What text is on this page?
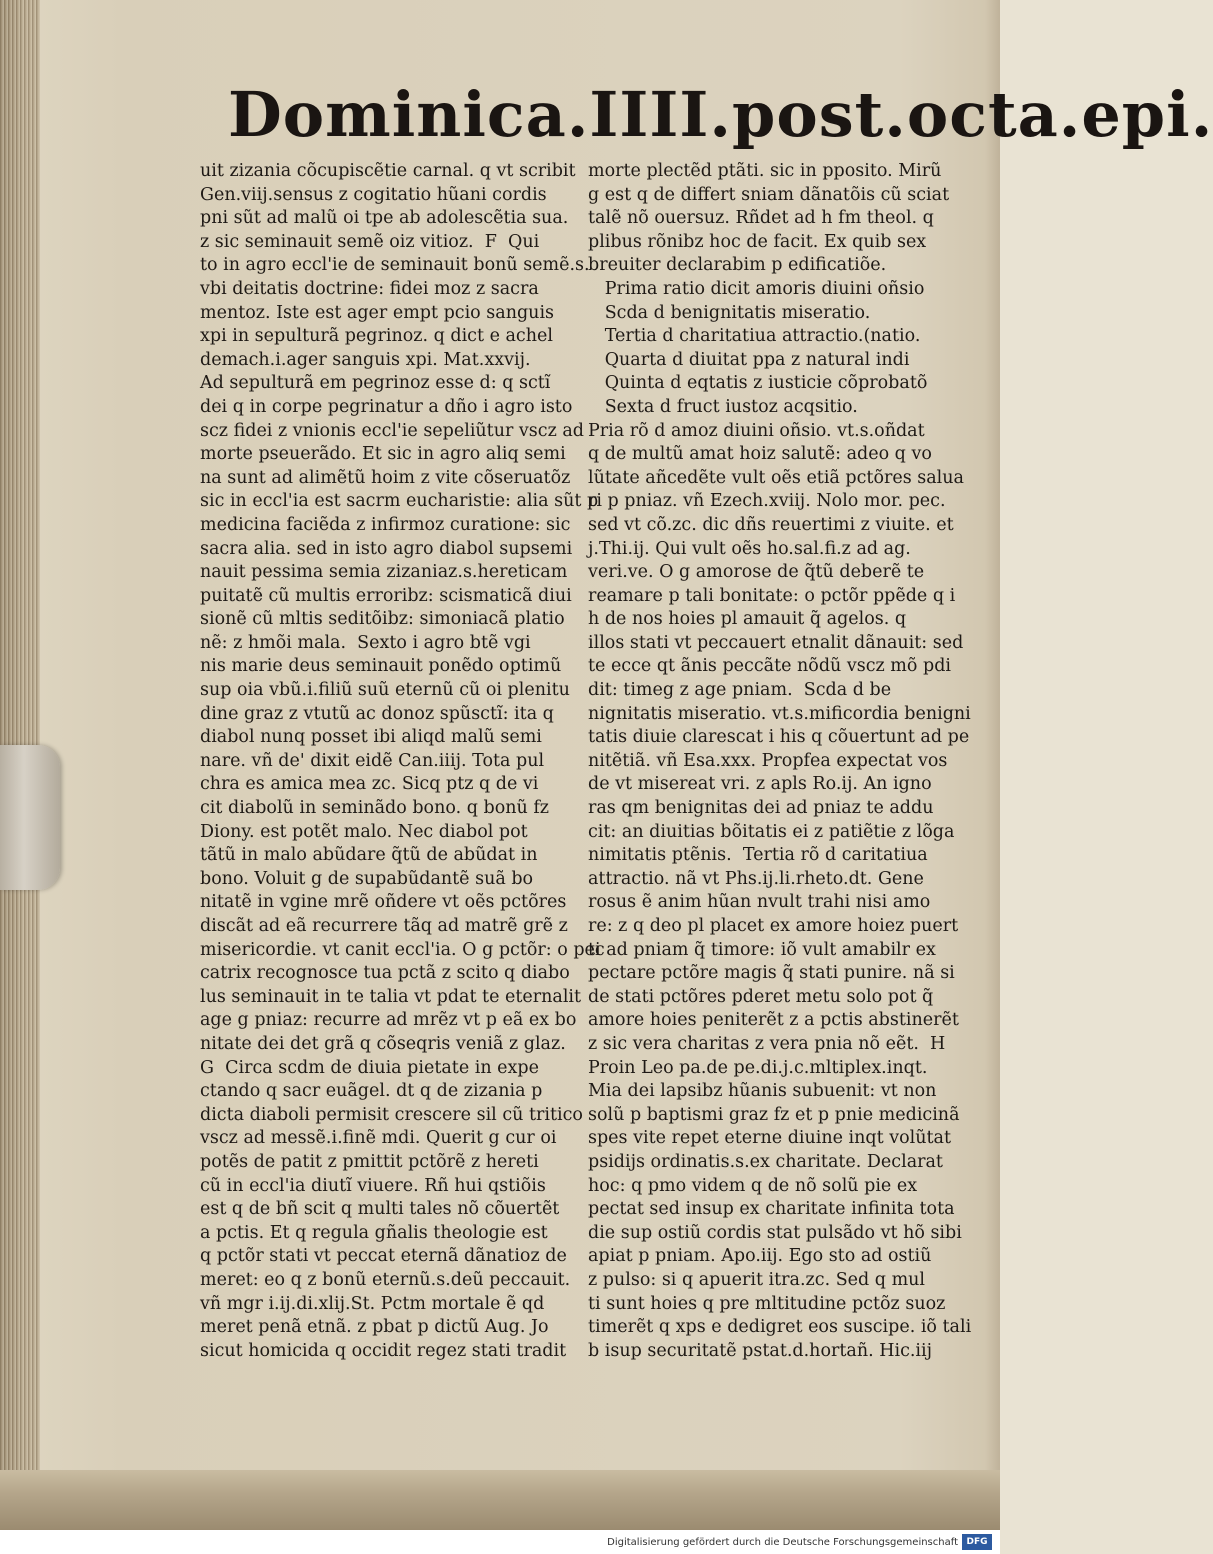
Dominica.IIII.post.octa.epi.
uit zizania cõcupiscẽtie carnal. q vt scribit
Gen.viij.sensus z cogitatio hũani cordis
pni sũt ad malũ oi tpe ab adolescẽtia sua.
z sic seminauit semẽ oiz vitioz.  F  Qui
to in agro eccl'ie de seminauit bonũ semẽ.s.
vbi deitatis doctrine: fidei moz z sacra
mentoz. Iste est ager empt pcio sanguis
xpi in sepulturã pegrinoz. q dict e achel
demach.i.ager sanguis xpi. Mat.xxvij.
Ad sepulturã em pegrinoz esse d: q sctĩ
dei q in corpe pegrinatur a dño i agro isto
scz fidei z vnionis eccl'ie sepeliũtur vscz ad
morte pseuerãdo. Et sic in agro aliq semi
na sunt ad alimẽtũ hoim z vite cõseruatõz
sic in eccl'ia est sacrm eucharistie: alia sũt p
medicina faciẽda z infirmoz curatione: sic
sacra alia. sed in isto agro diabol supsemi
nauit pessima semia zizaniaz.s.hereticam
puitatẽ cũ multis erroribz: scismaticã diui
sionẽ cũ mltis seditõibz: simoniacã platio
nẽ: z hmõi mala.  Sexto i agro btẽ vgi
nis marie deus seminauit ponẽdo optimũ
sup oia vbũ.i.filiũ suũ eternũ cũ oi plenitu
dine graz z vtutũ ac donoz spũsctĩ: ita q
diabol nunq posset ibi aliqd malũ semi
nare. vñ de' dixit eidẽ Can.iiij. Tota pul
chra es amica mea zc. Sicq ptz q de vi
cit diabolũ in seminãdo bono. q bonũ fz
Diony. est potẽt malo. Nec diabol pot
tãtũ in malo abũdare q̃tũ de abũdat in
bono. Voluit g de supabũdantẽ suã bo
nitatẽ in vgine mrẽ oñdere vt oẽs pctõres
discãt ad eã recurrere tãq ad matrẽ grẽ z
misericordie. vt canit eccl'ia. O g pctõr: o pec
catrix recognosce tua pctã z scito q diabo
lus seminauit in te talia vt pdat te eternalit
age g pniaz: recurre ad mrẽz vt p eã ex bo
nitate dei det grã q cõseqris veniã z glaz.
G  Circa scdm de diuia pietate in expe
ctando q sacr euãgel. dt q de zizania p
dicta diaboli permisit crescere sil cũ tritico
vscz ad messẽ.i.finẽ mdi. Querit g cur oi
potẽs de patit z pmittit pctõrẽ z hereti
cũ in eccl'ia diutĩ viuere. Rñ hui qstiõis
est q de bñ scit q multi tales nõ cõuertẽt
a pctis. Et q regula gñalis theologie est
q pctõr stati vt peccat eternã dãnatioz de
meret: eo q z bonũ eternũ.s.deũ peccauit.
vñ mgr i.ij.di.xlij.St. Pctm mortale ẽ qd
meret penã etnã. z pbat p dictũ Aug. Jo
sicut homicida q occidit regez stati tradit
morte plectẽd ptãti. sic in pposito. Mirũ
g est q de differt sniam dãnatõis cũ sciat
talẽ nõ ouersuz. Rñdet ad h fm theol. q
plibus rõnibz hoc de facit. Ex quib sex
breuiter declarabim p edificatiõe.
Prima ratio dicit amoris diuini oñsio
Scda d benignitatis miseratio.
Tertia d charitatiua attractio.(natio.
Quarta d diuitat ppa z natural indi
Quinta d eqtatis z iusticie cõprobatõ
Sexta d fruct iustoz acqsitio.
Pria rõ d amoz diuini oñsio. vt.s.oñdat
q de multũ amat hoiz salutẽ: adeo q vo
lũtate añcedẽte vult oẽs etiã pctõres salua
ri p pniaz. vñ Ezech.xviij. Nolo mor. pec.
sed vt cõ.zc. dic dñs reuertimi z viuite. et
j.Thi.ij. Qui vult oẽs ho.sal.fi.z ad ag.
veri.ve. O g amorose de q̃tũ deberẽ te
reamare p tali bonitate: o pctõr ppẽde q i
h de nos hoies pl amauit q̃ agelos. q
illos stati vt peccauert etnalit dãnauit: sed
te ecce qt ãnis peccãte nõdũ vscz mõ pdi
dit: timeg z age pniam.  Scda d be
nignitatis miseratio. vt.s.mificordia benigni
tatis diuie clarescat i his q cõuertunt ad pe
nitẽtiã. vñ Esa.xxx. Propfea expectat vos
de vt misereat vri. z apls Ro.ij. An igno
ras qm benignitas dei ad pniaz te addu
cit: an diuitias bõitatis ei z patiẽtie z lõga
nimitatis ptẽnis.  Tertia rõ d caritatiua
attractio. nã vt Phs.ij.li.rheto.dt. Gene
rosus ẽ anim hũan nvult trahi nisi amo
re: z q deo pl placet ex amore hoiez puert
ti ad pniam q̃ timore: iõ vult amabilr ex
pectare pctõre magis q̃ stati punire. nã si
de stati pctõres pderet metu solo pot q̃
amore hoies peniterẽt z a pctis abstinerẽt
z sic vera charitas z vera pnia nõ eẽt.  H
Proin Leo pa.de pe.di.j.c.mltiplex.inqt.
Mia dei lapsibz hũanis subuenit: vt non
solũ p baptismi graz fz et p pnie medicinã
spes vite repet eterne diuine inqt volũtat
psidijs ordinatis.s.ex charitate. Declarat
hoc: q pmo videm q de nõ solũ pie ex
pectat sed insup ex charitate infinita tota
die sup ostiũ cordis stat pulsãdo vt hõ sibi
apiat p pniam. Apo.iij. Ego sto ad ostiũ
z pulso: si q apuerit itra.zc. Sed q mul
ti sunt hoies q pre mltitudine pctõz suoz
timerẽt q xps e dedigret eos suscipe. iõ tali
b isup securitatẽ pstat.d.hortañ. Hic.iij
Digitalisierung gefördert durch die Deutsche Forschungsgemeinschaft DFG
